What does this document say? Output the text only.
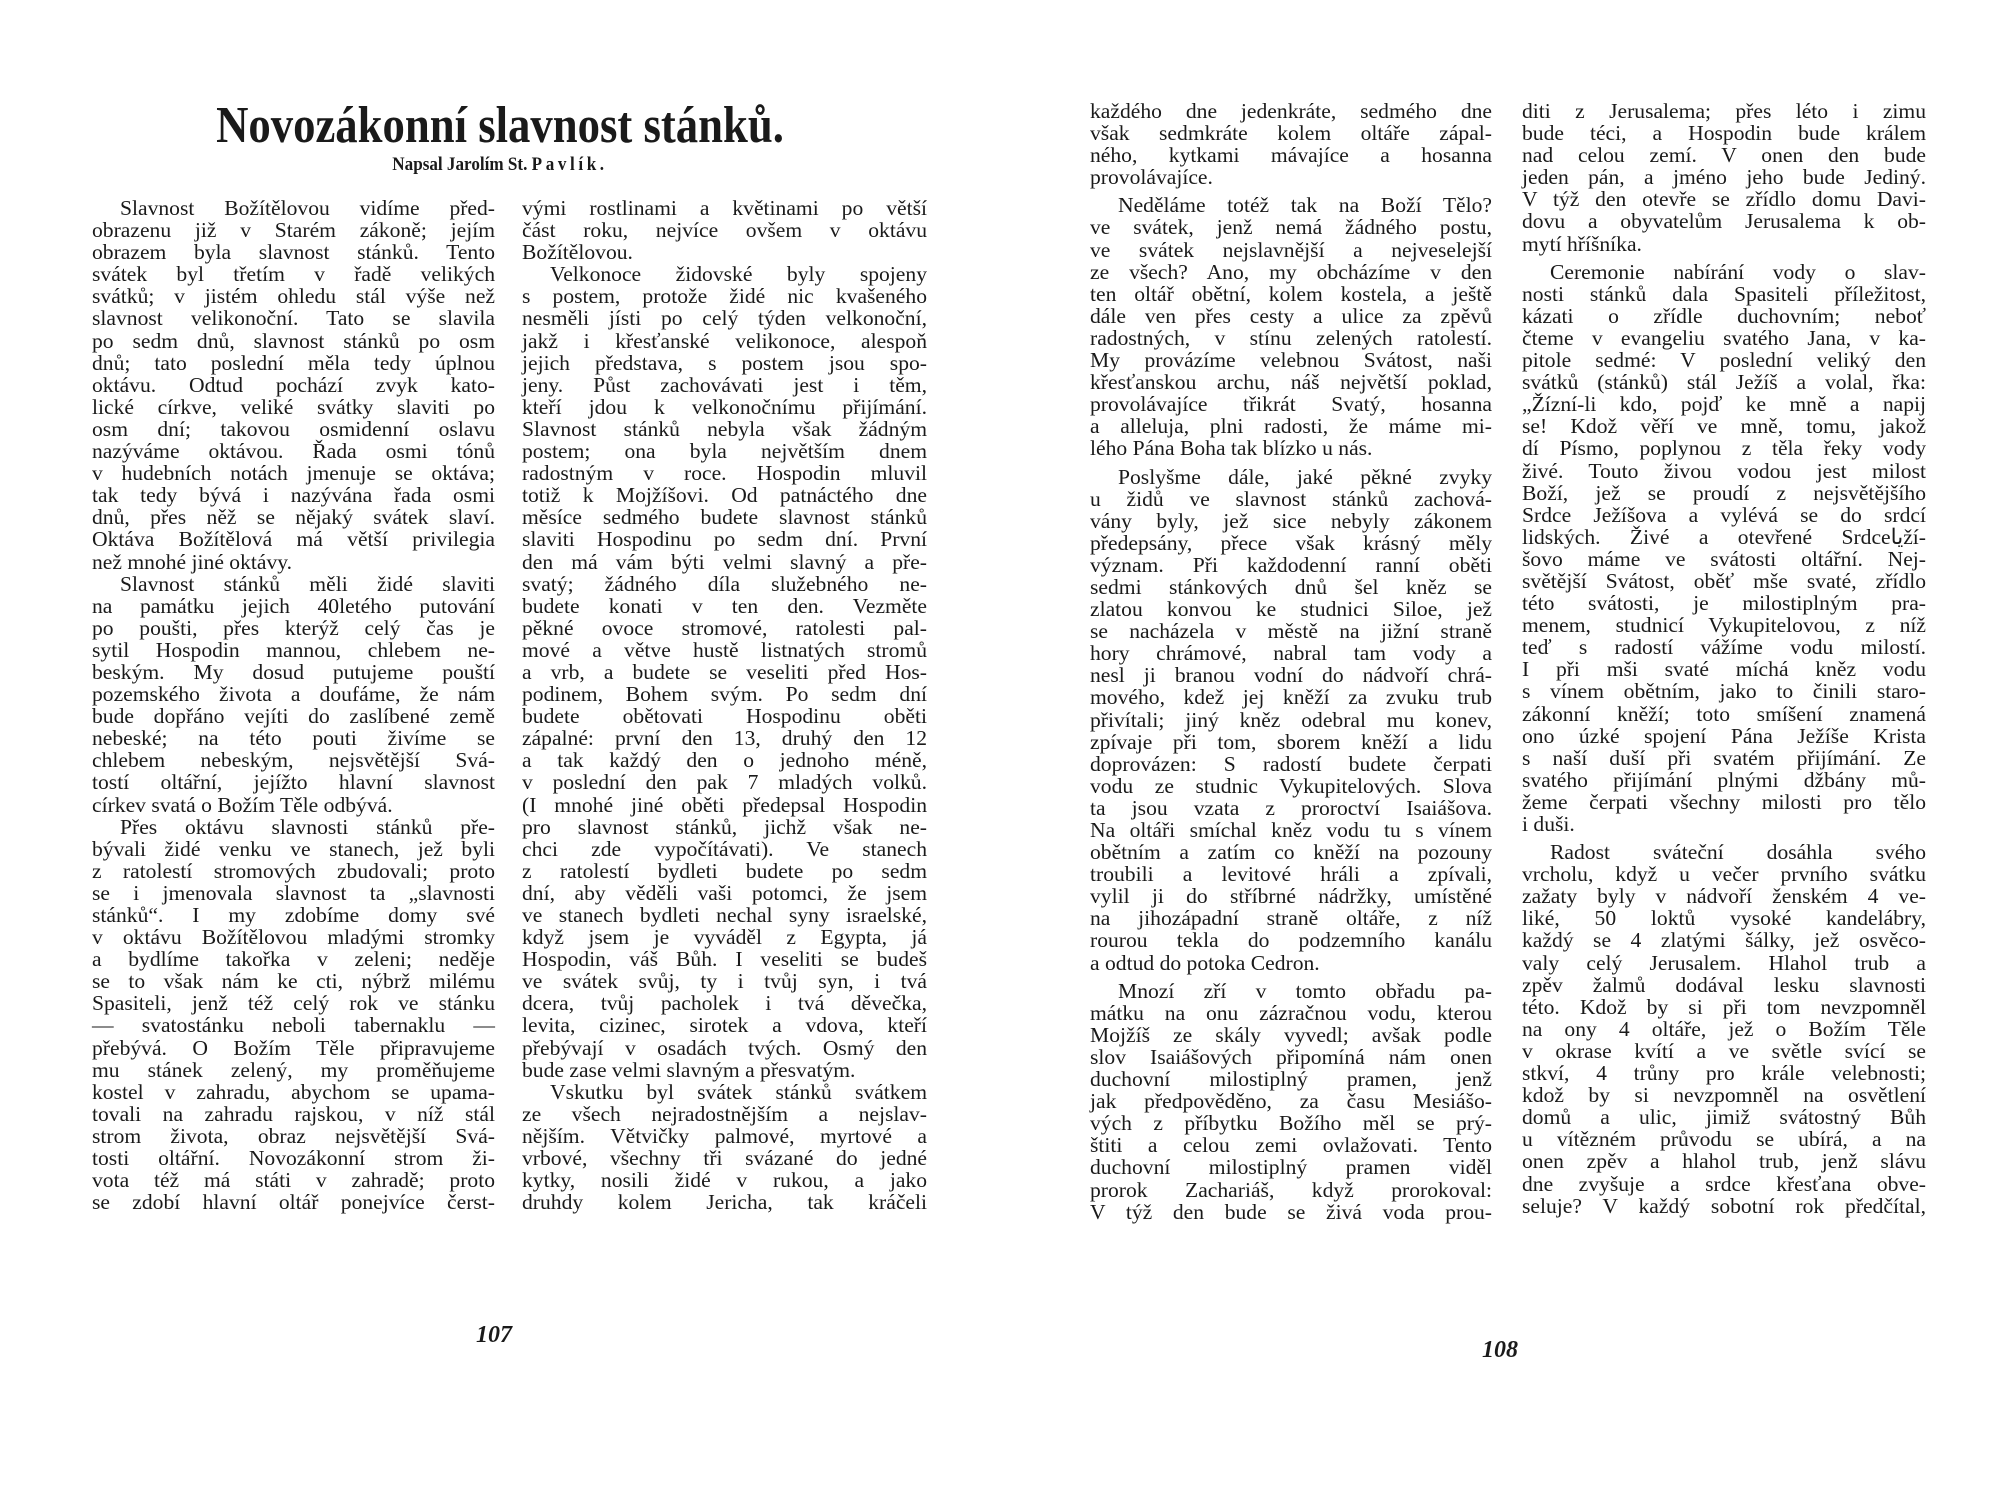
Novozákonní slavnost stánků.
Napsal Jarolím St. Pavlík.
Slavnost Božítělovou vidíme před-
obrazenu již v Starém zákoně; jejím
obrazem byla slavnost stánků. Tento
svátek byl třetím v řadě velikých
svátků; v jistém ohledu stál výše než
slavnost velikonoční. Tato se slavila
po sedm dnů, slavnost stánků po osm
dnů; tato poslední měla tedy úplnou
oktávu. Odtud pochází zvyk kato-
lické církve, veliké svátky slaviti po
osm dní; takovou osmidenní oslavu
nazýváme oktávou. Řada osmi tónů
v hudebních notách jmenuje se oktáva;
tak tedy bývá i nazývána řada osmi
dnů, přes něž se nějaký svátek slaví.
Oktáva Božítělová má větší privilegia
než mnohé jiné oktávy.
Slavnost stánků měli židé slaviti
na památku jejich 40letého putování
po poušti, přes kterýž celý čas je
sytil Hospodin mannou, chlebem ne-
beským. My dosud putujeme pouští
pozemského života a doufáme, že nám
bude dopřáno vejíti do zaslíbené země
nebeské; na této pouti živíme se
chlebem nebeským, nejsvětější Svá-
tostí oltářní, jejížto hlavní slavnost
církev svatá o Božím Těle odbývá.
Přes oktávu slavnosti stánků pře-
bývali židé venku ve stanech, jež byli
z ratolestí stromových zbudovali; proto
se i jmenovala slavnost ta „slavnosti
stánků“. I my zdobíme domy své
v oktávu Božítělovou mladými stromky
a bydlíme takořka v zeleni; neděje
se to však nám ke cti, nýbrž milému
Spasiteli, jenž též celý rok ve stánku
— svatostánku neboli tabernaklu —
přebývá. O Božím Těle připravujeme
mu stánek zelený, my proměňujeme
kostel v zahradu, abychom se upama-
tovali na zahradu rajskou, v níž stál
strom života, obraz nejsvětější Svá-
tosti oltářní. Novozákonní strom ži-
vota též má státi v zahradě; proto
se zdobí hlavní oltář ponejvíce čerst-
vými rostlinami a květinami po větší
část roku, nejvíce ovšem v oktávu
Božítělovou.
Velkonoce židovské byly spojeny
s postem, protože židé nic kvašeného
nesměli jísti po celý týden velkonoční,
jakž i křesťanské velikonoce, alespoň
jejich představa, s postem jsou spo-
jeny. Půst zachovávati jest i těm,
kteří jdou k velkonočnímu přijímání.
Slavnost stánků nebyla však žádným
postem; ona byla největším dnem
radostným v roce. Hospodin mluvil
totiž k Mojžíšovi. Od patnáctého dne
měsíce sedmého budete slavnost stánků
slaviti Hospodinu po sedm dní. První
den má vám býti velmi slavný a pře-
svatý; žádného díla služebného ne-
budete konati v ten den. Vezměte
pěkné ovoce stromové, ratolesti pal-
mové a větve hustě listnatých stromů
a vrb, a budete se veseliti před Hos-
podinem, Bohem svým. Po sedm dní
budete obětovati Hospodinu oběti
zápalné: první den 13, druhý den 12
a tak každý den o jednoho méně,
v poslední den pak 7 mladých volků.
(I mnohé jiné oběti předepsal Hospodin
pro slavnost stánků, jichž však ne-
chci zde vypočítávati). Ve stanech
z ratolestí bydleti budete po sedm
dní, aby věděli vaši potomci, že jsem
ve stanech bydleti nechal syny israelské,
když jsem je vyváděl z Egypta, já
Hospodin, váš Bůh. I veseliti se budeš
ve svátek svůj, ty i tvůj syn, i tvá
dcera, tvůj pacholek i tvá děvečka,
levita, cizinec, sirotek a vdova, kteří
přebývají v osadách tvých. Osmý den
bude zase velmi slavným a přesvatým.
Vskutku byl svátek stánků svátkem
ze všech nejradostnějším a nejslav-
nějším. Větvičky palmové, myrtové a
vrbové, všechny tři svázané do jedné
kytky, nosili židé v rukou, a jako
druhdy kolem Jericha, tak kráčeli
107
každého dne jedenkráte, sedmého dne
však sedmkráte kolem oltáře zápal-
ného, kytkami mávajíce a hosanna
provolávajíce.
Neděláme totéž tak na Boží Tělo?
ve svátek, jenž nemá žádného postu,
ve svátek nejslavnější a nejveselejší
ze všech? Ano, my obcházíme v den
ten oltář obětní, kolem kostela, a ještě
dále ven přes cesty a ulice za zpěvů
radostných, v stínu zelených ratolestí.
My provázíme velebnou Svátost, naši
křesťanskou archu, náš největší poklad,
provolávajíce třikrát Svatý, hosanna
a alleluja, plni radosti, že máme mi-
lého Pána Boha tak blízko u nás.
Poslyšme dále, jaké pěkné zvyky
u židů ve slavnost stánků zachová-
vány byly, jež sice nebyly zákonem
předepsány, přece však krásný měly
význam. Při každodenní ranní oběti
sedmi stánkových dnů šel kněz se
zlatou konvou ke studnici Siloe, jež
se nacházela v městě na jižní straně
hory chrámové, nabral tam vody a
nesl ji branou vodní do nádvoří chrá-
mového, kdež jej kněží za zvuku trub
přivítali; jiný kněz odebral mu konev,
zpívaje při tom, sborem kněží a lidu
doprovázen: S radostí budete čerpati
vodu ze studnic Vykupitelových. Slova
ta jsou vzata z proroctví Isaiášova.
Na oltáři smíchal kněz vodu tu s vínem
obětním a zatím co kněží na pozouny
troubili a levitové hráli a zpívali,
vylil ji do stříbrné nádržky, umístěné
na jihozápadní straně oltáře, z níž
rourou tekla do podzemního kanálu
a odtud do potoka Cedron.
Mnozí zří v tomto obřadu pa-
mátku na onu zázračnou vodu, kterou
Mojžíš ze skály vyvedl; avšak podle
slov Isaiášových připomíná nám onen
duchovní milostiplný pramen, jenž
jak předpověděno, za času Mesiášo-
vých z příbytku Božího měl se prý-
štiti a celou zemi ovlažovati. Tento
duchovní milostiplný pramen viděl
prorok Zachariáš, když prorokoval:
V týž den bude se živá voda prou-
diti z Jerusalema; přes léto i zimu
bude téci, a Hospodin bude králem
nad celou zemí. V onen den bude
jeden pán, a jméno jeho bude Jediný.
V týž den otevře se zřídlo domu Davi-
dovu a obyvatelům Jerusalema k ob-
mytí hříšníka.
Ceremonie nabírání vody o slav-
nosti stánků dala Spasiteli příležitost,
kázati o zřídle duchovním; neboť
čteme v evangeliu svatého Jana, v ka-
pitole sedmé: V poslední veliký den
svátků (stánků) stál Ježíš a volal, řka:
„Žízní-li kdo, pojď ke mně a napij
se! Kdož věří ve mně, tomu, jakož
dí Písmo, poplynou z těla řeky vody
živé. Touto živou vodou jest milost
Boží, jež se proudí z nejsvětějšího
Srdce Ježíšova a vylévá se do srdcí
lidských. Živé a otevřené Srdceياží-
šovo máme ve svátosti oltářní. Nej-
světější Svátost, oběť mše svaté, zřídlo
této svátosti, je milostiplným pra-
menem, studnicí Vykupitelovou, z níž
teď s radostí vážíme vodu milostí.
I při mši svaté míchá kněz vodu
s vínem obětním, jako to činili staro-
zákonní kněží; toto smíšení znamená
ono úzké spojení Pána Ježíše Krista
s naší duší při svatém přijímání. Ze
svatého přijímání plnými džbány mů-
žeme čerpati všechny milosti pro tělo
i duši.
Radost sváteční dosáhla svého
vrcholu, když u večer prvního svátku
zažaty byly v nádvoří ženském 4 ve-
liké, 50 loktů vysoké kandelábry,
každý se 4 zlatými šálky, jež osvěco-
valy celý Jerusalem. Hlahol trub a
zpěv žalmů dodával lesku slavnosti
této. Kdož by si při tom nevzpomněl
na ony 4 oltáře, jež o Božím Těle
v okrase kvítí a ve světle svící se
stkví, 4 trůny pro krále velebnosti;
kdož by si nevzpomněl na osvětlení
domů a ulic, jimiž svátostný Bůh
u vítězném průvodu se ubírá, a na
onen zpěv a hlahol trub, jenž slávu
dne zvyšuje a srdce křesťana obve-
seluje? V každý sobotní rok předčítal,
108
